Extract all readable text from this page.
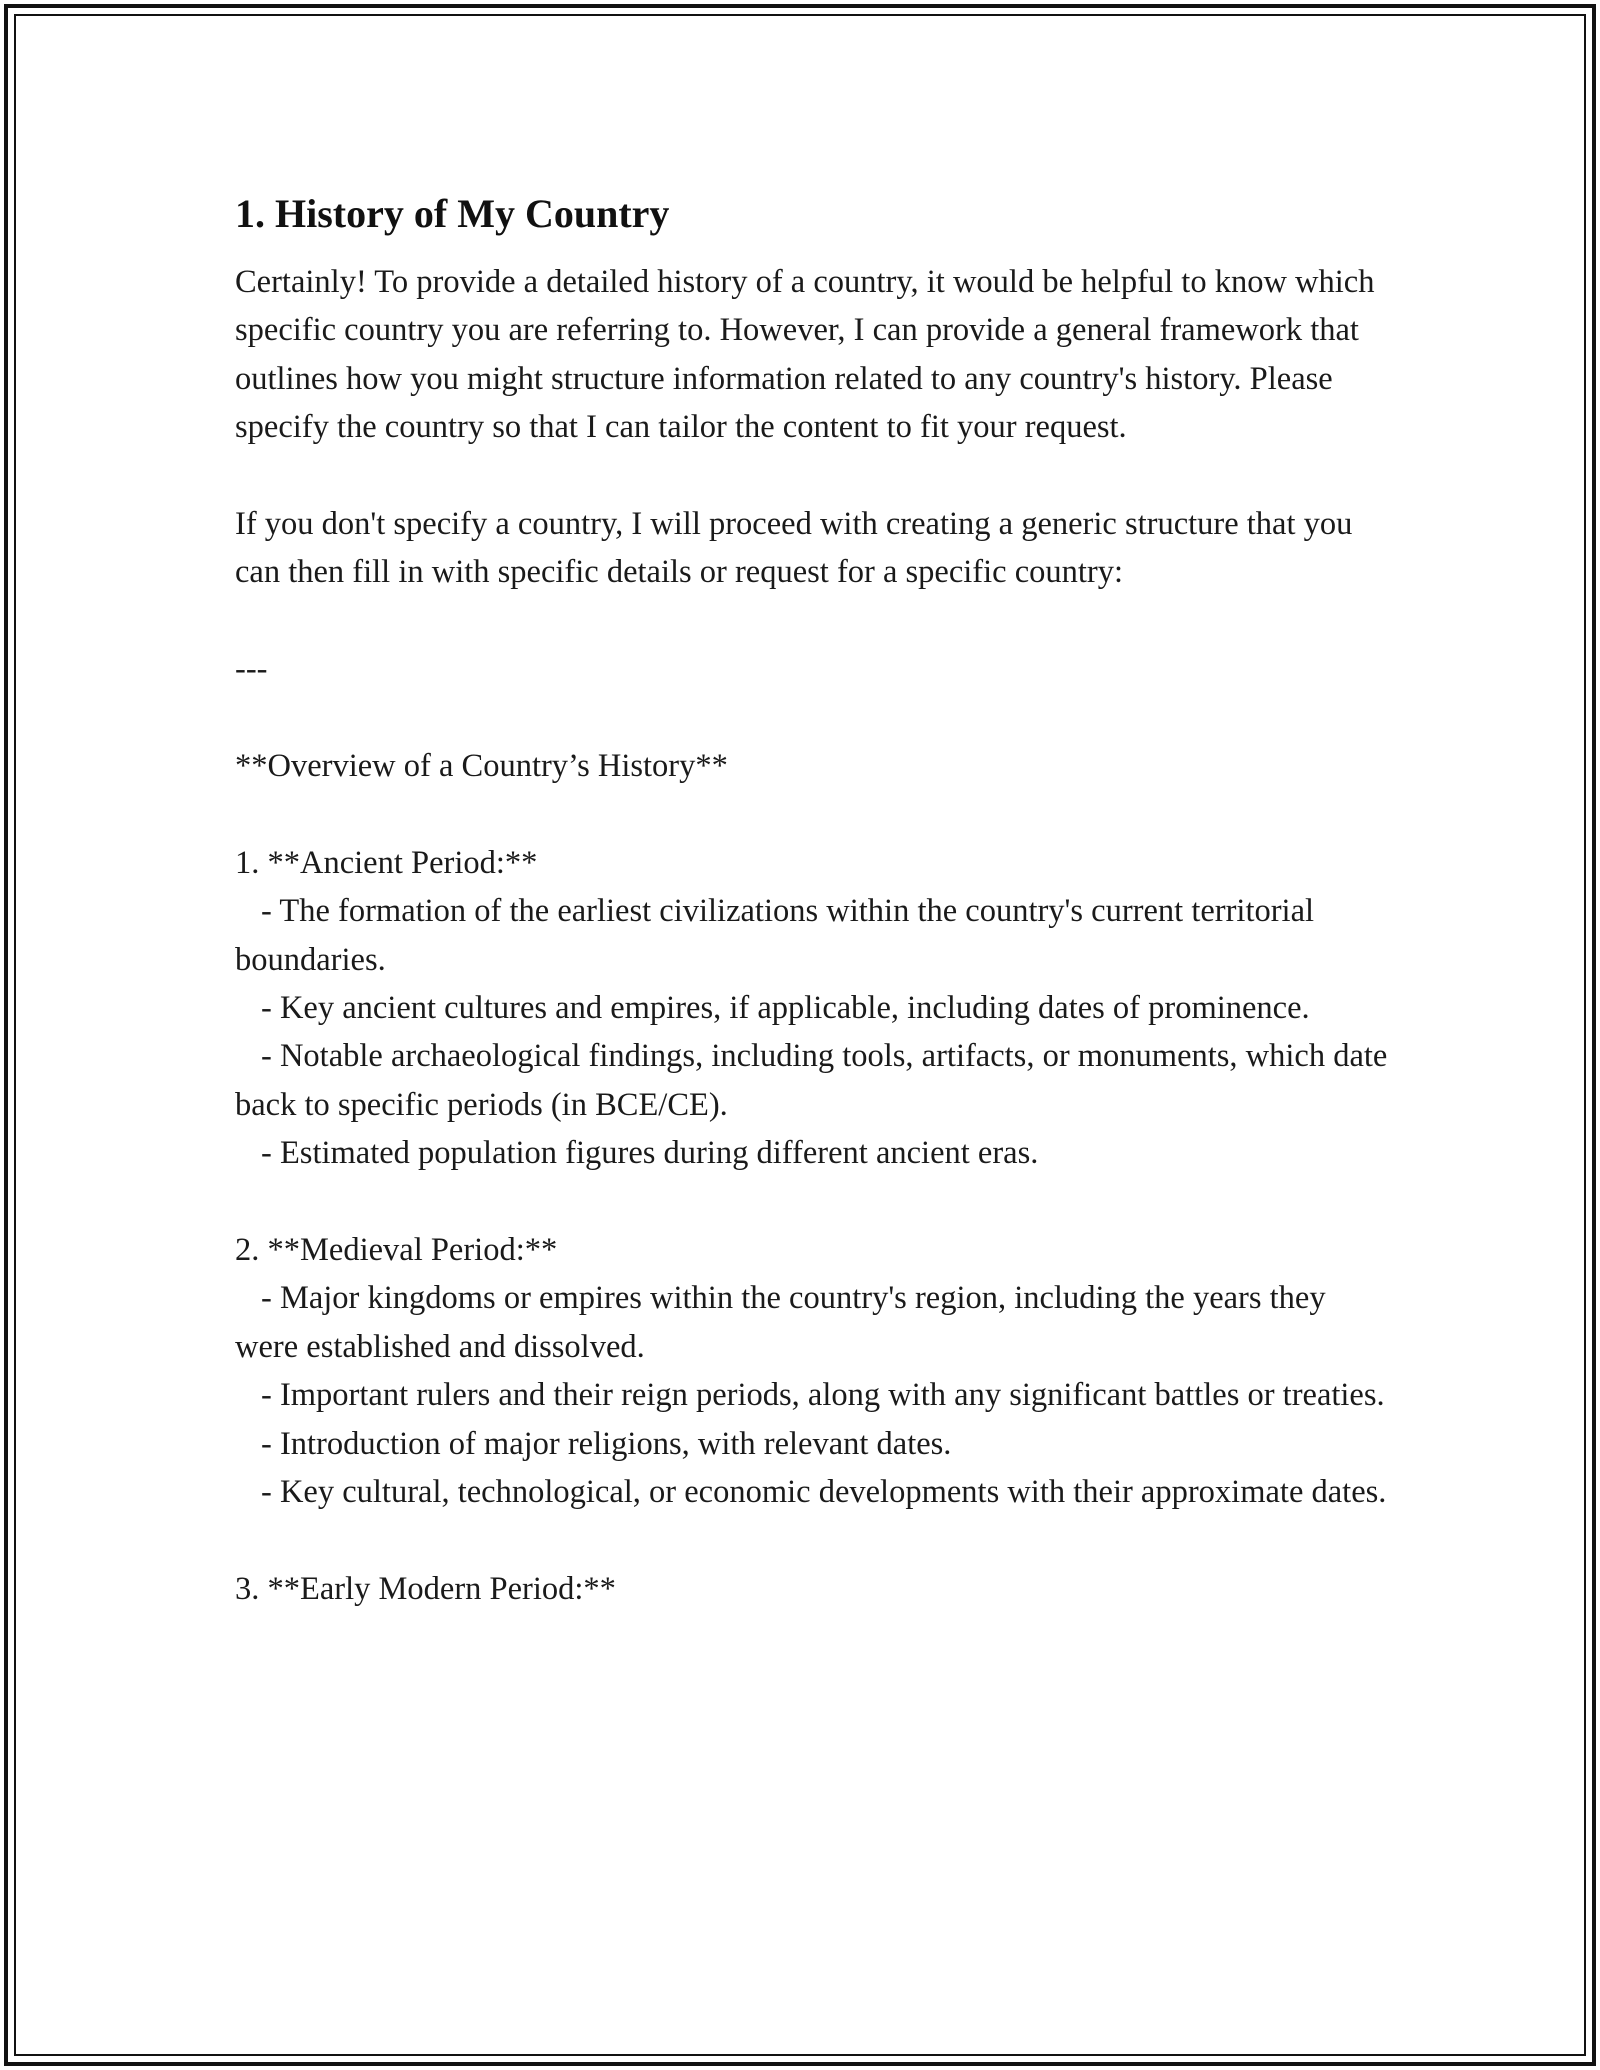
1. History of My Country

Certainly! To provide a detailed history of a country, it would be helpful to know which specific country you are referring to. However, I can provide a general framework that outlines how you might structure information related to any country's history. Please specify the country so that I can tailor the content to fit your request.

If you don't specify a country, I will proceed with creating a generic structure that you can then fill in with specific details or request for a specific country:

---

**Overview of a Country’s History**

1. **Ancient Period:**

- The formation of the earliest civilizations within the country's current territorial boundaries.

- Key ancient cultures and empires, if applicable, including dates of prominence.

- Notable archaeological findings, including tools, artifacts, or monuments, which date back to specific periods (in BCE/CE).

- Estimated population figures during different ancient eras.

2. **Medieval Period:**

- Major kingdoms or empires within the country's region, including the years they were established and dissolved.

- Important rulers and their reign periods, along with any significant battles or treaties.

- Introduction of major religions, with relevant dates.

- Key cultural, technological, or economic developments with their approximate dates.

3. **Early Modern Period:**
